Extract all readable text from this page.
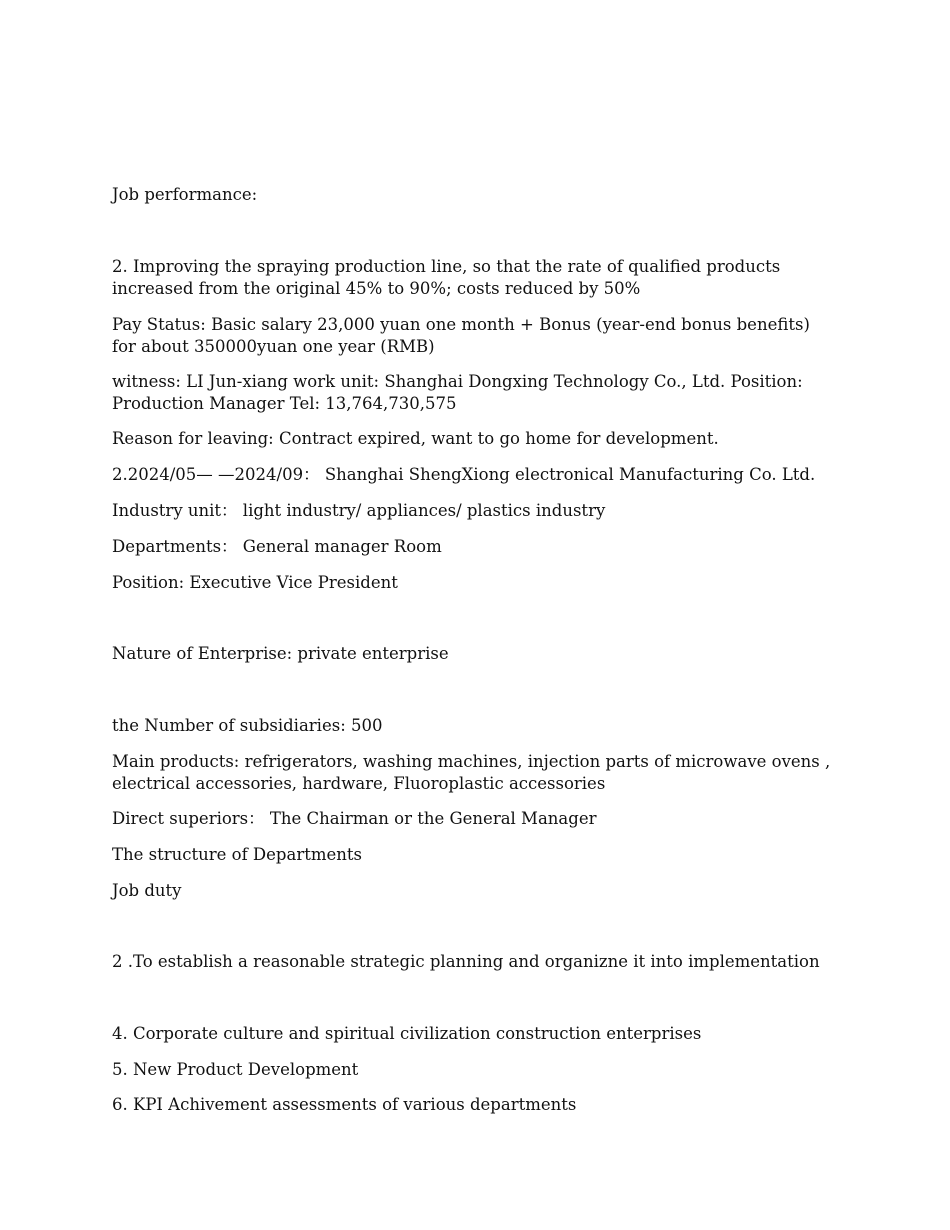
Job performance:
2. Improving the spraying production line, so that the rate of qualified products increased from the original 45% to 90%; costs reduced by 50%
Pay Status: Basic salary 23,000 yuan one month + Bonus (year-end bonus benefits) for about 350000yuan one year (RMB)
witness: LI Jun-xiang work unit: Shanghai Dongxing Technology Co., Ltd. Position: Production Manager Tel: 13,764,730,575
Reason for leaving: Contract expired, want to go home for development.
2.2024/05— —2024/09： Shanghai ShengXiong electronical Manufacturing Co. Ltd.
Industry unit： light industry/ appliances/ plastics industry
Departments： General manager Room
Position: Executive Vice President
Nature of Enterprise: private enterprise
the Number of subsidiaries: 500
Main products: refrigerators, washing machines, injection parts of microwave ovens , electrical accessories, hardware, Fluoroplastic accessories
Direct superiors： The Chairman or the General Manager
The structure of Departments
Job duty
2 .To establish a reasonable strategic planning and organizne it into implementation
4. Corporate culture and spiritual civilization construction enterprises
5. New Product Development
6. KPI Achivement assessments of various departments
